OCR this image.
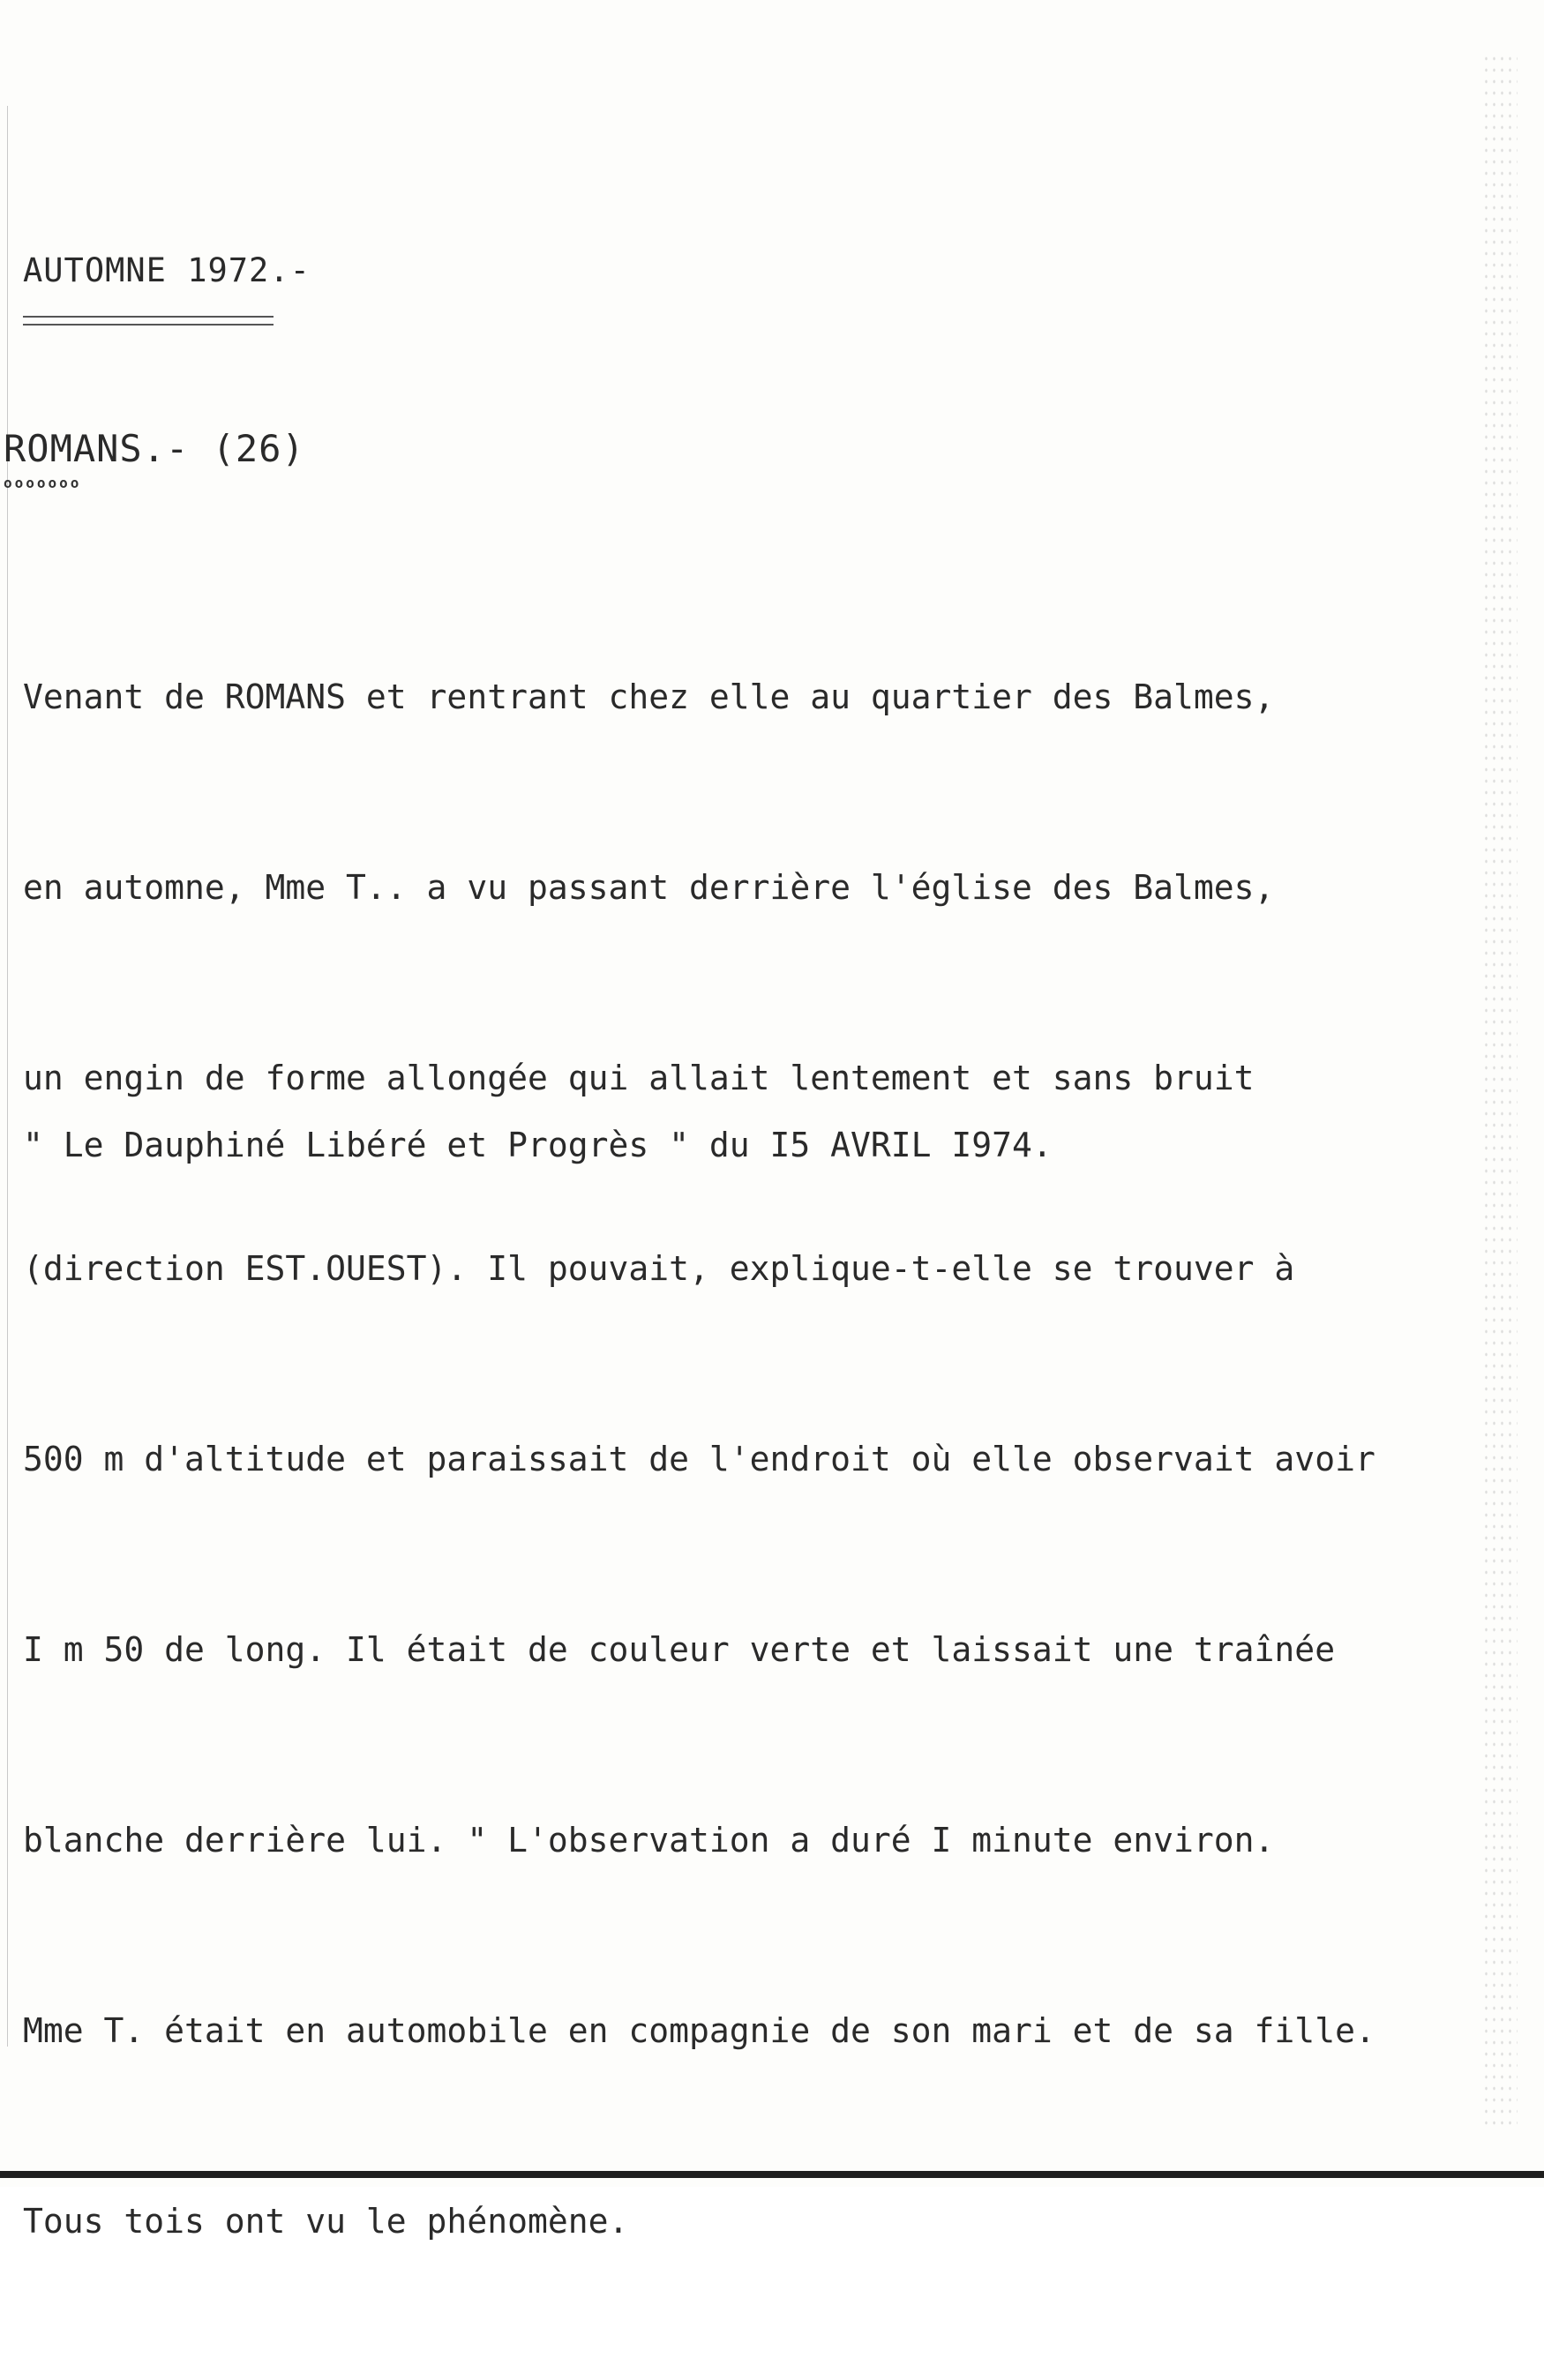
AUTOMNE 1972.-
ROMANS.- (26)
ooooooo

Venant de ROMANS et rentrant chez elle au quartier des Balmes,

en automne, Mme T.. a vu passant derrière l'église des Balmes,

un engin de forme allongée qui allait lentement et sans bruit

(direction EST.OUEST). Il pouvait, explique-t-elle se trouver à

500 m d'altitude et paraissait de l'endroit où elle observait avoir

I m 50 de long. Il était de couleur verte et laissait une traînée

blanche derrière lui. " L'observation a duré I minute environ.

Mme T. était en automobile en compagnie de son mari et de sa fille.

Tous tois ont vu le phénomène.

" Le Dauphiné Libéré et Progrès " du I5 AVRIL I974.
